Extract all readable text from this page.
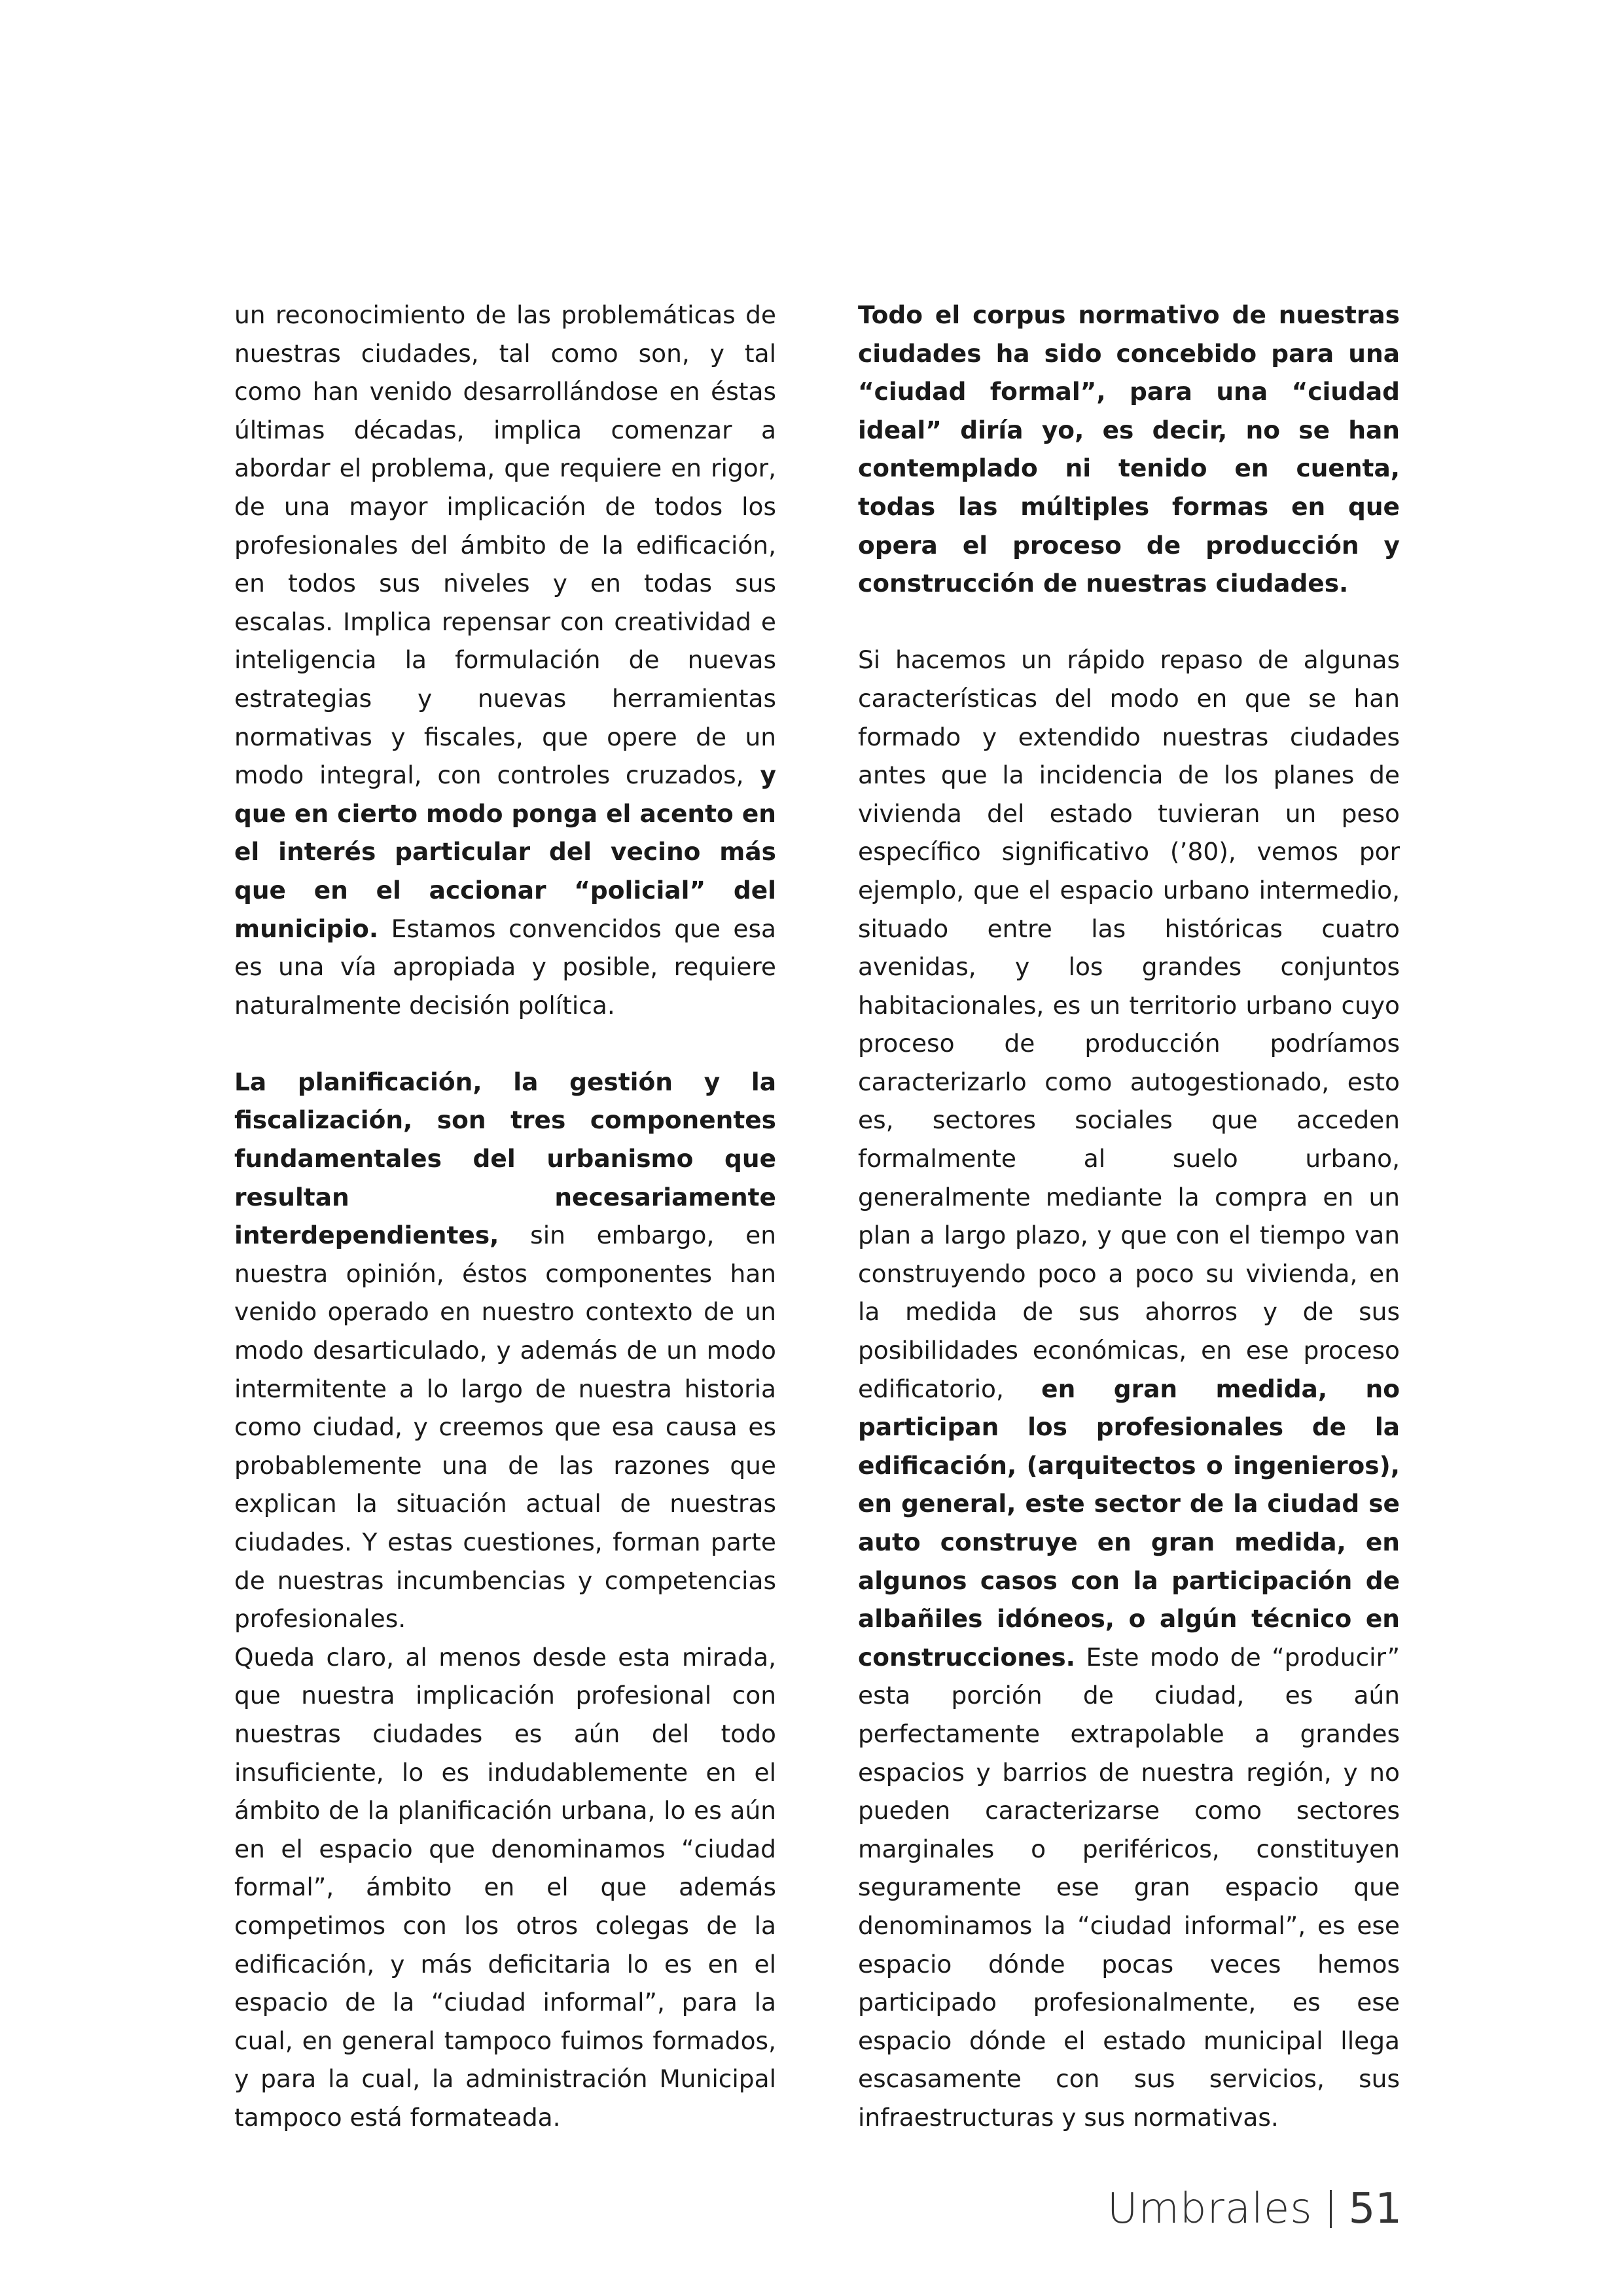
un reconocimiento de las problemáticas de nuestras ciudades, tal como son, y tal como han venido desarrollándose en éstas últimas décadas, implica comenzar a abordar el problema, que requiere en rigor, de una mayor implicación de todos los profesionales del ámbito de la edificación, en todos sus niveles y en todas sus escalas. Implica repensar con creatividad e inteligencia la formulación de nuevas estrategias y nuevas herramientas normativas y fiscales, que opere de un modo integral, con controles cruzados, y que en cierto modo ponga el acento en el interés particular del vecino más que en el accionar “policial” del municipio. Estamos convencidos que esa es una vía apropiada y posible, requiere naturalmente decisión política.

La planificación, la gestión y la fiscalización, son tres componentes fundamentales del urbanismo que resultan necesariamente interdependientes, sin embargo, en nuestra opinión, éstos componentes han venido operado en nuestro contexto de un modo desarticulado, y además de un modo intermitente a lo largo de nuestra historia como ciudad, y creemos que esa causa es probablemente una de las razones que explican la situación actual de nuestras ciudades. Y estas cuestiones, forman parte de nuestras incumbencias y competencias profesionales.

Queda claro, al menos desde esta mirada, que nuestra implicación profesional con nuestras ciudades es aún del todo insuficiente, lo es indudablemente en el ámbito de la planificación urbana, lo es aún en el espacio que denominamos “ciudad formal”, ámbito en el que además competimos con los otros colegas de la edificación, y más deficitaria lo es en el espacio de la “ciudad informal”, para la cual, en general tampoco fuimos formados, y para la cual, la administración Municipal tampoco está formateada.

Todo el corpus normativo de nuestras ciudades ha sido concebido para una “ciudad formal”, para una “ciudad ideal” diría yo, es decir, no se han contemplado ni tenido en cuenta, todas las múltiples formas en que opera el proceso de producción y construcción de nuestras ciudades.

Si hacemos un rápido repaso de algunas características del modo en que se han formado y extendido nuestras ciudades antes que la incidencia de los planes de vivienda del estado tuvieran un peso específico significativo (’80), vemos por ejemplo, que el espacio urbano intermedio, situado entre las históricas cuatro avenidas, y los grandes conjuntos habitacionales, es un territorio urbano cuyo proceso de producción podríamos caracterizarlo como autogestionado, esto es, sectores sociales que acceden formalmente al suelo urbano, generalmente mediante la compra en un plan a largo plazo, y que con el tiempo van construyendo poco a poco su vivienda, en la medida de sus ahorros y de sus posibilidades económicas, en ese proceso edificatorio, en gran medida, no participan los profesionales de la edificación, (arquitectos o ingenieros), en general, este sector de la ciudad se auto construye en gran medida, en algunos casos con la participación de albañiles idóneos, o algún técnico en construcciones. Este modo de “producir” esta porción de ciudad, es aún perfectamente extrapolable a grandes espacios y barrios de nuestra región, y no pueden caracterizarse como sectores marginales o periféricos, constituyen seguramente ese gran espacio que denominamos la “ciudad informal”, es ese espacio dónde pocas veces hemos participado profesionalmente, es ese espacio dónde el estado municipal llega escasamente con sus servicios, sus infraestructuras y sus normativas.

Umbrales 51
